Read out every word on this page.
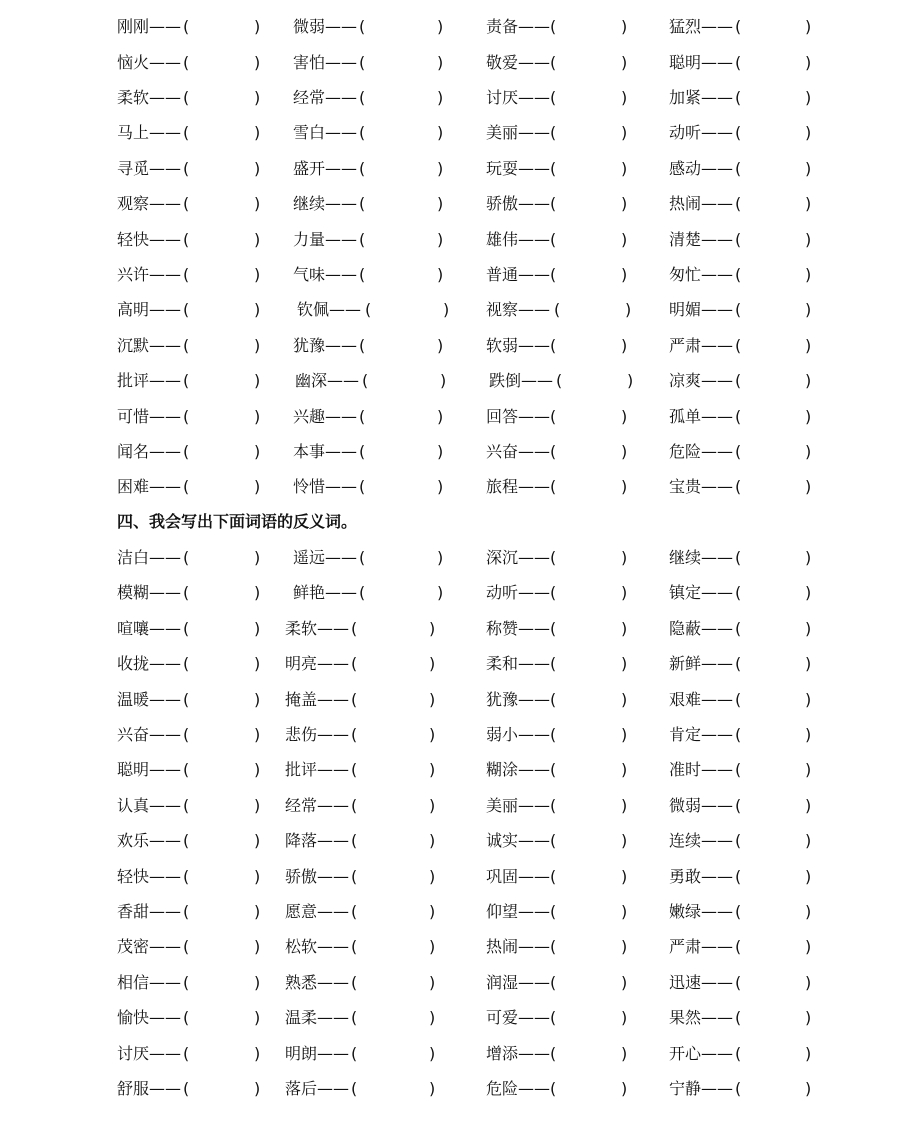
刚刚—— (	) 微弱—— (	)	责备—— (	)	猛烈—— (	)
恼火—— (	) 害怕—— (	)	敬爱—— (	)	聪明—— (	)
柔软—— (	) 经常—— (	)	讨厌—— (	)	加紧—— (	)
马上—— (	) 雪白—— (	)	美丽—— (	)	动听—— (	)
寻觅—— (	) 盛开—— (	)	玩耍—— (	)	感动—— (	)
观察—— (	) 继续—— (	)	骄傲—— (	)	热闹—— (	)
轻快—— (	) 力量—— (	)	雄伟—— (	)	清楚—— (	)
兴许—— (	) 气味—— (	)	普通—— (	)	匆忙—— (	)
高明—— (	) 钦佩—— (	) 视察—— (	) 明媚—— (	)
沉默—— (	) 犹豫—— (	)	软弱—— (	)	严肃—— (	)
批评—— (	) 幽深—— (	)	跌倒—— (	) 凉爽—— (	)
可惜—— (	) 兴趣—— (	)	回答—— (	)	孤单—— (	)
闻名—— (	) 本事—— (	)	兴奋—— (	)	危险—— (	)
困难—— (	) 怜惜—— (	)	旅程—— (	)	宝贵—— (	)
四、我会写出下面词语的反义词。
洁白—— (	) 遥远—— (	)	深沉—— (	)	继续—— (	)
模糊—— (	) 鲜艳—— (	)	动听—— (	)	镇定—— (	)
喧嚷—— (	) 柔软—— (	)	称赞—— (	)	隐蔽—— (	)
收拢—— (	) 明亮—— (	)	柔和—— (	)	新鲜—— (	)
温暖—— (	) 掩盖—— (	)	犹豫—— (	)	艰难—— (	)
兴奋—— (	) 悲伤—— (	)	弱小—— (	)	肯定—— (	)
聪明—— (	) 批评—— (	)	糊涂—— (	)	准时—— (	)
认真—— (	) 经常—— (	)	美丽—— (	)	微弱—— (	)
欢乐—— (	) 降落—— (	)	诚实—— (	)	连续—— (	)
轻快—— (	) 骄傲—— (	)	巩固—— (	)	勇敢—— (	)
香甜—— (	) 愿意—— (	)	仰望—— (	)	嫩绿—— (	)
茂密—— (	) 松软—— (	)	热闹—— (	)	严肃—— (	)
相信—— (	) 熟悉—— (	)	润湿—— (	)	迅速—— (	)
愉快—— (	) 温柔—— (	)	可爱—— (	)	果然—— (	)
讨厌—— (	) 明朗—— (	)	增添—— (	)	开心—— (	)
舒服—— (	) 落后—— (	)	危险—— (	)	宁静—— (	)
